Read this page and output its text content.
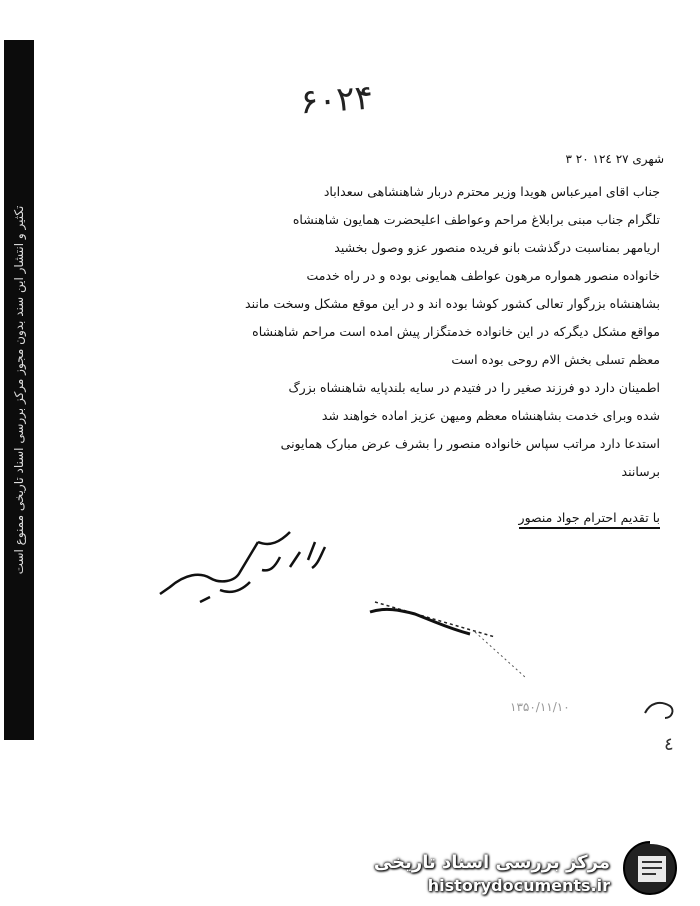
تکثیر و انتشار این سند بدون مجوز مرکز بررسی اسناد تاریخی ممنوع است
۶۰۲۴
شهری ۲۷ ۱۲٤ ۲۰ ۳
جناب اقای امیرعباس هویدا وزیر محترم دربار شاهنشاهی سعداباد
تلگرام جناب مبنی برابلاغ مراحم وعواطف اعلیحضرت همایون شاهنشاه
اریامهر بمناسبت درگذشت بانو فریده منصور عزو وصول بخشید
خانواده منصور همواره مرهون عواطف همایونی بوده و در راه خدمت
بشاهنشاه بزرگوار تعالی کشور کوشا بوده اند و در این موقع مشکل وسخت مانند
مواقع مشکل دیگرکه در این خانواده خدمتگزار پیش امده است مراحم شاهنشاه
معظم تسلی بخش الام روحی بوده است
اطمینان دارد دو فرزند صغیر را در فتیدم در سایه بلندپایه شاهنشاه بزرگ
شده وبرای خدمت بشاهنشاه معظم ومیهن عزیز اماده خواهند شد
استدعا دارد مراتب سپاس خانواده منصور را بشرف عرض مبارک همایونی
برسانند
با تقدیم احترام جواد منصور
۱۳۵۰/۱۱/۱۰
٤
مرکز بررسی اسناد تاریخی
historydocuments.ir
